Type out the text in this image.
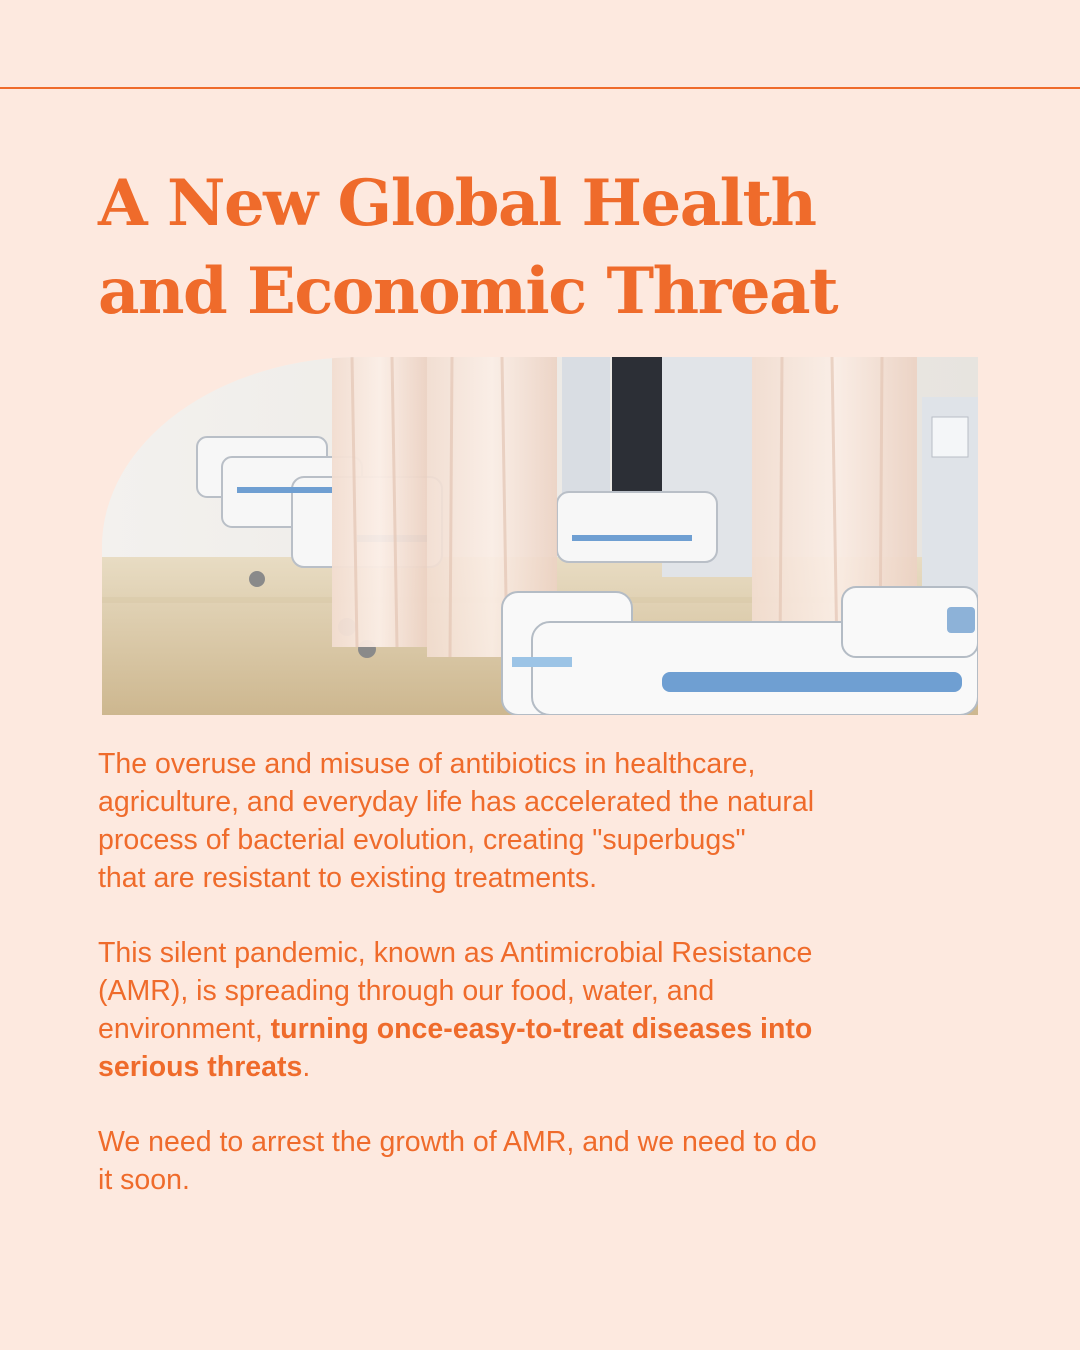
A New Global Health
and Economic Threat

The overuse and misuse of antibiotics in healthcare,
agriculture, and everyday life has accelerated the natural
process of bacterial evolution, creating "superbugs"
that are resistant to existing treatments.

This silent pandemic, known as Antimicrobial Resistance
(AMR), is spreading through our food, water, and
environment, turning once-easy-to-treat diseases into
serious threats.

We need to arrest the growth of AMR, and we need to do
it soon.
